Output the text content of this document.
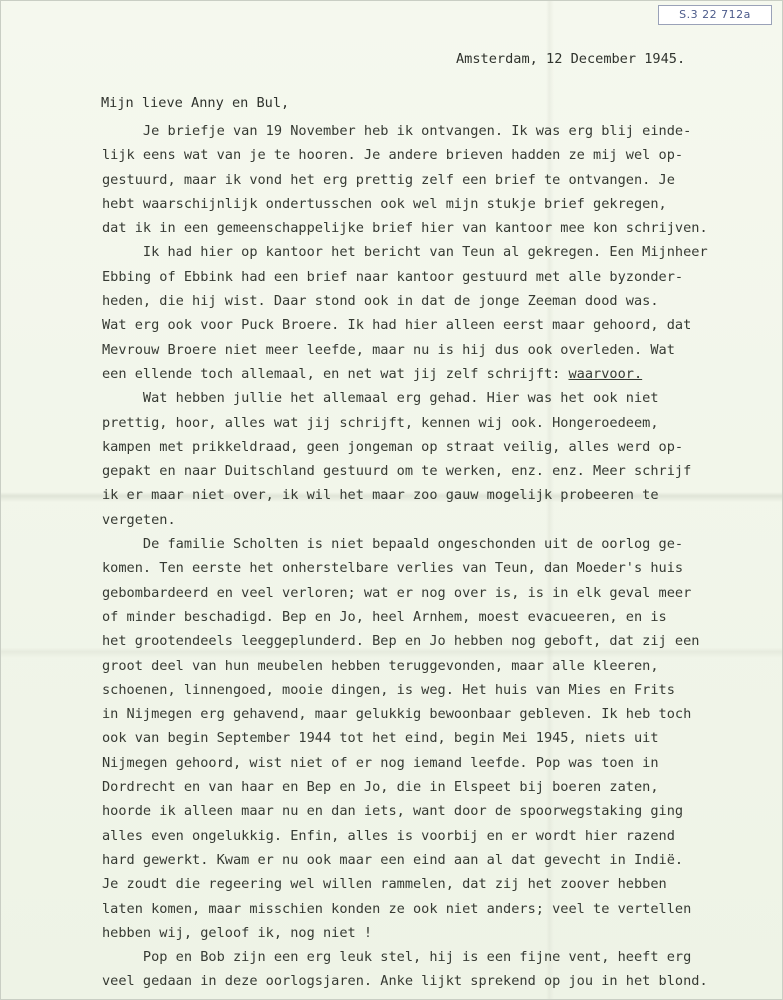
S.3 22 712a
Amsterdam, 12 December 1945.
Mijn lieve Anny en Bul,
Je briefje van 19 November heb ik ontvangen. Ik was erg blij einde-
lijk eens wat van je te hooren. Je andere brieven hadden ze mij wel op-
gestuurd, maar ik vond het erg prettig zelf een brief te ontvangen. Je
hebt waarschijnlijk ondertusschen ook wel mijn stukje brief gekregen,
dat ik in een gemeenschappelijke brief hier van kantoor mee kon schrijven.
Ik had hier op kantoor het bericht van Teun al gekregen. Een Mijnheer
Ebbing of Ebbink had een brief naar kantoor gestuurd met alle byzonder-
heden, die hij wist. Daar stond ook in dat de jonge Zeeman dood was.
Wat erg ook voor Puck Broere. Ik had hier alleen eerst maar gehoord, dat
Mevrouw Broere niet meer leefde, maar nu is hij dus ook overleden. Wat
een ellende toch allemaal, en net wat jij zelf schrijft: waarvoor.
Wat hebben jullie het allemaal erg gehad. Hier was het ook niet
prettig, hoor, alles wat jij schrijft, kennen wij ook. Hongeroedeem,
kampen met prikkeldraad, geen jongeman op straat veilig, alles werd op-
gepakt en naar Duitschland gestuurd om te werken, enz. enz. Meer schrijf
ik er maar niet over, ik wil het maar zoo gauw mogelijk probeeren te
vergeten.
De familie Scholten is niet bepaald ongeschonden uit de oorlog ge-
komen. Ten eerste het onherstelbare verlies van Teun, dan Moeder's huis
gebombardeerd en veel verloren; wat er nog over is, is in elk geval meer
of minder beschadigd. Bep en Jo, heel Arnhem, moest evacueeren, en is
het grootendeels leeggeplunderd. Bep en Jo hebben nog geboft, dat zij een
groot deel van hun meubelen hebben teruggevonden, maar alle kleeren,
schoenen, linnengoed, mooie dingen, is weg. Het huis van Mies en Frits
in Nijmegen erg gehavend, maar gelukkig bewoonbaar gebleven. Ik heb toch
ook van begin September 1944 tot het eind, begin Mei 1945, niets uit
Nijmegen gehoord, wist niet of er nog iemand leefde. Pop was toen in
Dordrecht en van haar en Bep en Jo, die in Elspeet bij boeren zaten,
hoorde ik alleen maar nu en dan iets, want door de spoorwegstaking ging
alles even ongelukkig. Enfin, alles is voorbij en er wordt hier razend
hard gewerkt. Kwam er nu ook maar een eind aan al dat gevecht in Indië.
Je zoudt die regeering wel willen rammelen, dat zij het zoover hebben
laten komen, maar misschien konden ze ook niet anders; veel te vertellen
hebben wij, geloof ik, nog niet !
Pop en Bob zijn een erg leuk stel, hij is een fijne vent, heeft erg
veel gedaan in deze oorlogsjaren. Anke lijkt sprekend op jou in het blond.
